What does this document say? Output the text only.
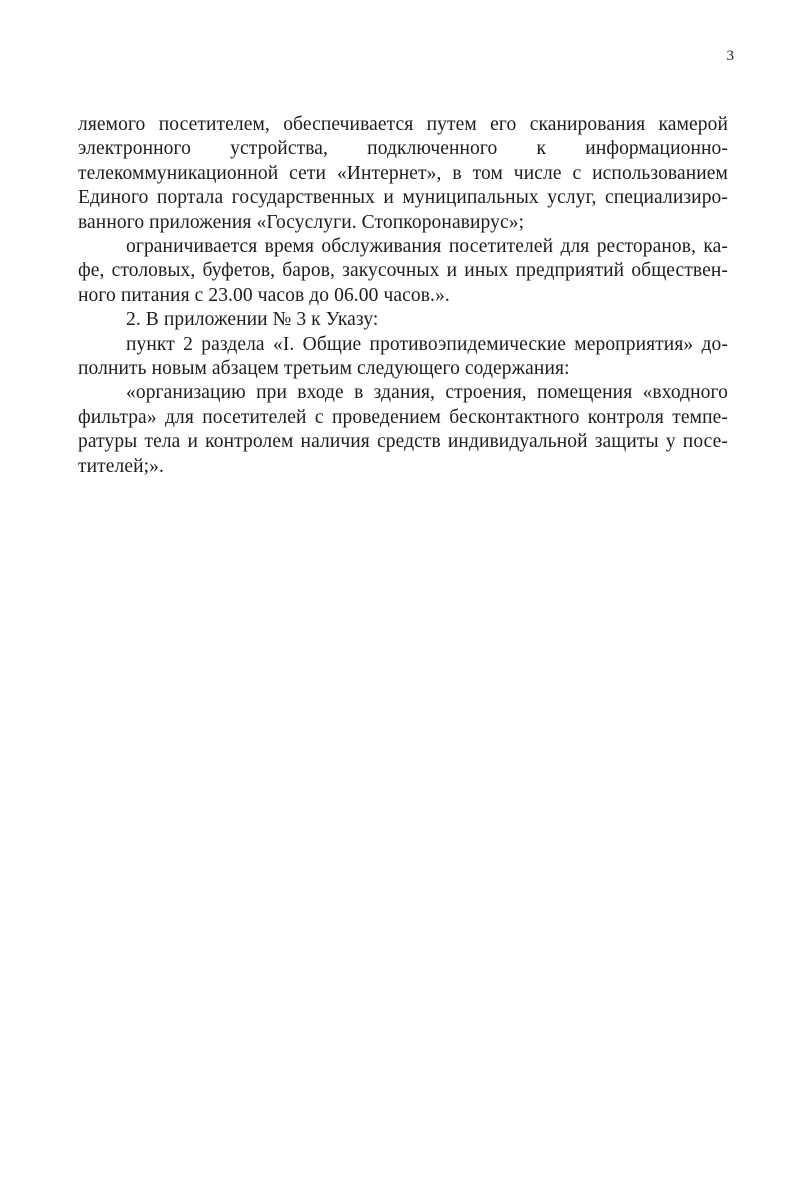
3
ляемого посетителем, обеспечивается путем его сканирования камерой
электронного устройства, подключенного к информационно-
телекоммуникационной сети «Интернет», в том числе с использованием
Единого портала государственных и муниципальных услуг, специализиро-
ванного приложения «Госуслуги. Стопкоронавирус»;
ограничивается время обслуживания посетителей для ресторанов, ка-
фе, столовых, буфетов, баров, закусочных и иных предприятий обществен-
ного питания с 23.00 часов до 06.00 часов.».
2. В приложении № 3 к Указу:
пункт 2 раздела «I. Общие противоэпидемические мероприятия» до-
полнить новым абзацем третьим следующего содержания:
«организацию при входе в здания, строения, помещения «входного
фильтра» для посетителей с проведением бесконтактного контроля темпе-
ратуры тела и контролем наличия средств индивидуальной защиты у посе-
тителей;».
